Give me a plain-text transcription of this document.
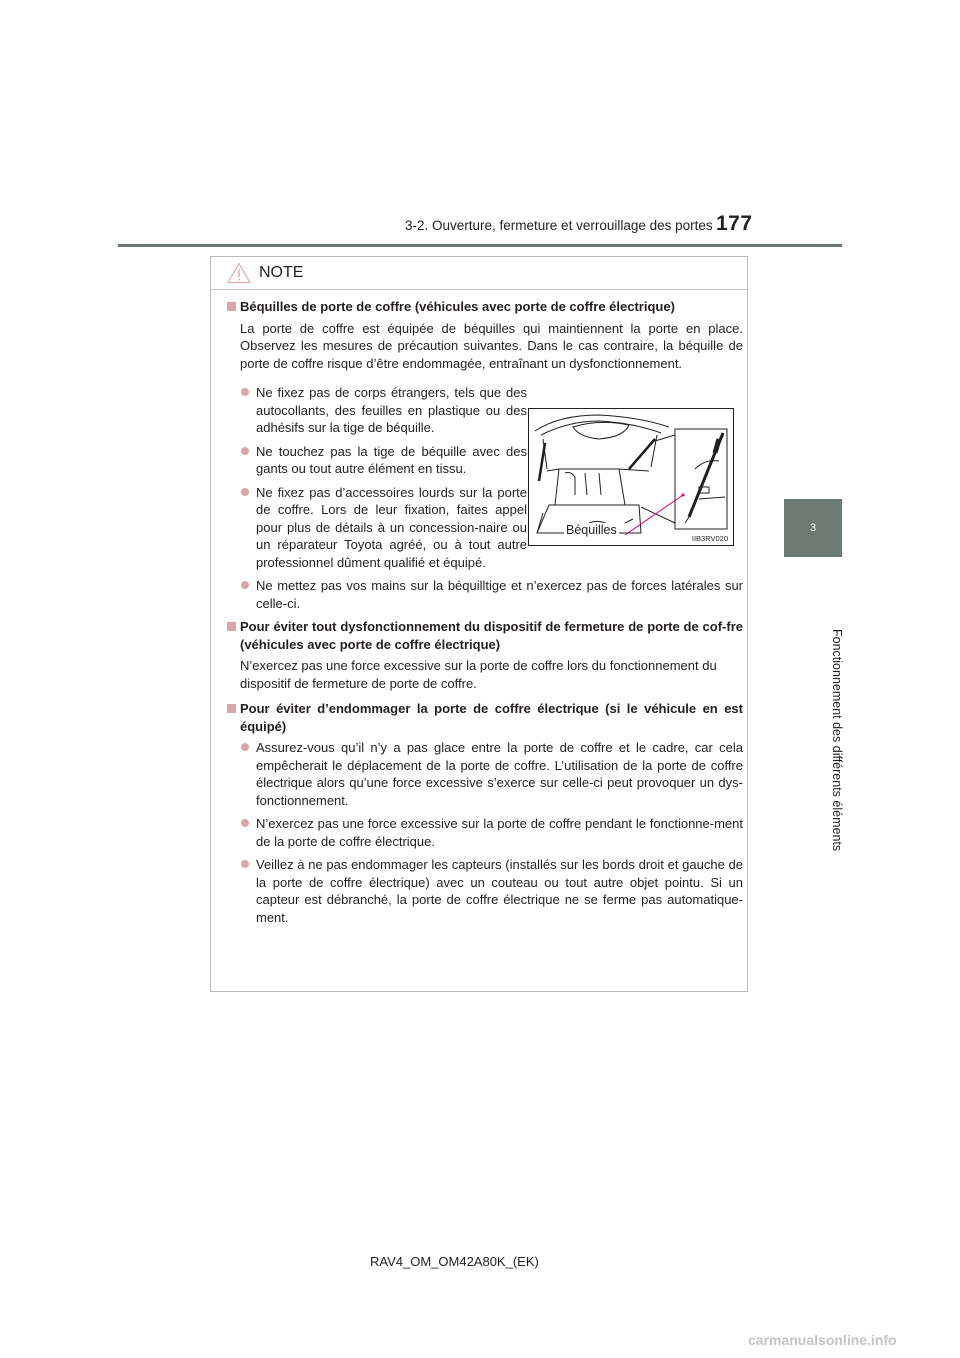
3-2. Ouverture, fermeture et verrouillage des portes 177
3
Fonctionnement des différents éléments
NOTE
Béquilles de porte de coffre (véhicules avec porte de coffre électrique)
La porte de coffre est équipée de béquilles qui maintiennent la porte en place. Observez les mesures de précaution suivantes. Dans le cas contraire, la béquille de porte de coffre risque d’être endommagée, entraînant un dysfonctionnement.
Ne fixez pas de corps étrangers, tels que des autocollants, des feuilles en plastique ou des adhésifs sur la tige de béquille.
Ne touchez pas la tige de béquille avec des gants ou tout autre élément en tissu.
Ne fixez pas d’accessoires lourds sur la porte de coffre. Lors de leur fixation, faites appel pour plus de détails à un concession-naire ou un réparateur Toyota agréé, ou à tout autre professionnel dûment qualifié et équipé.
Ne mettez pas vos mains sur la béquilltige et n’exercez pas de forces latérales sur celle-ci.
Pour éviter tout dysfonctionnement du dispositif de fermeture de porte de cof-fre (véhicules avec porte de coffre électrique)
N’exercez pas une force excessive sur la porte de coffre lors du fonctionnement du dispositif de fermeture de porte de coffre.
Pour éviter d’endommager la porte de coffre électrique (si le véhicule en est équipé)
Assurez-vous qu’il n’y a pas glace entre la porte de coffre et le cadre, car cela empêcherait le déplacement de la porte de coffre. L’utilisation de la porte de coffre électrique alors qu’une force excessive s’exerce sur celle-ci peut provoquer un dys-fonctionnement.
N’exercez pas une force excessive sur la porte de coffre pendant le fonctionne-ment de la porte de coffre électrique.
Veillez à ne pas endommager les capteurs (installés sur les bords droit et gauche de la porte de coffre électrique) avec un couteau ou tout autre objet pointu. Si un capteur est débranché, la porte de coffre électrique ne se ferme pas automatique-ment.
Béquilles
IIB3RV020
RAV4_OM_OM42A80K_(EK)
carmanualsonline.info
